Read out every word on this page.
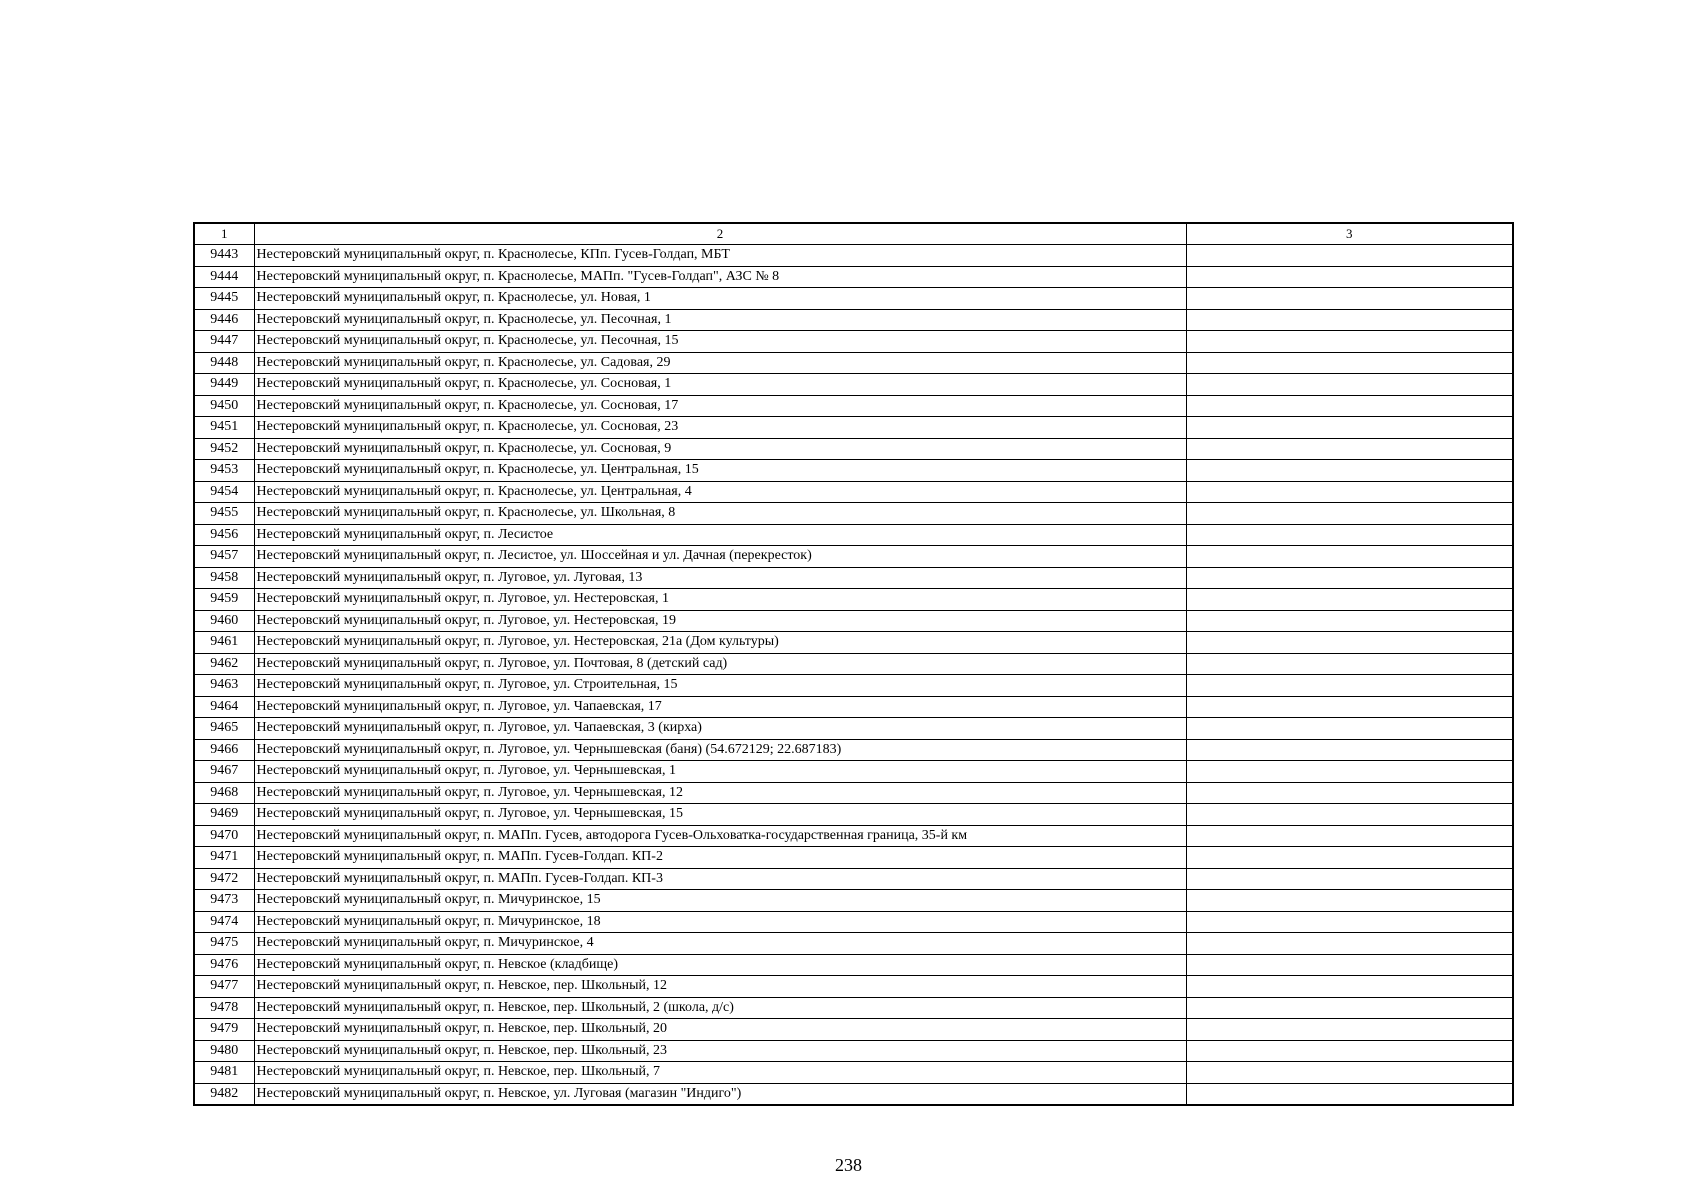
1	2	3
9443	Нестеровский муниципальный округ, п. Краснолесье, КПп. Гусев-Голдап, МБТ	
9444	Нестеровский муниципальный округ, п. Краснолесье, МАПп. "Гусев-Голдап", АЗС № 8	
9445	Нестеровский муниципальный округ, п. Краснолесье, ул. Новая, 1	
9446	Нестеровский муниципальный округ, п. Краснолесье, ул. Песочная, 1	
9447	Нестеровский муниципальный округ, п. Краснолесье, ул. Песочная, 15	
9448	Нестеровский муниципальный округ, п. Краснолесье, ул. Садовая, 29	
9449	Нестеровский муниципальный округ, п. Краснолесье, ул. Сосновая, 1	
9450	Нестеровский муниципальный округ, п. Краснолесье, ул. Сосновая, 17	
9451	Нестеровский муниципальный округ, п. Краснолесье, ул. Сосновая, 23	
9452	Нестеровский муниципальный округ, п. Краснолесье, ул. Сосновая, 9	
9453	Нестеровский муниципальный округ, п. Краснолесье, ул. Центральная, 15	
9454	Нестеровский муниципальный округ, п. Краснолесье, ул. Центральная, 4	
9455	Нестеровский муниципальный округ, п. Краснолесье, ул. Школьная, 8	
9456	Нестеровский муниципальный округ, п. Лесистое	
9457	Нестеровский муниципальный округ, п. Лесистое, ул. Шоссейная и ул. Дачная (перекресток)	
9458	Нестеровский муниципальный округ, п. Луговое, ул. Луговая, 13	
9459	Нестеровский муниципальный округ, п. Луговое, ул. Нестеровская, 1	
9460	Нестеровский муниципальный округ, п. Луговое, ул. Нестеровская, 19	
9461	Нестеровский муниципальный округ, п. Луговое, ул. Нестеровская, 21а (Дом культуры)	
9462	Нестеровский муниципальный округ, п. Луговое, ул. Почтовая, 8 (детский сад)	
9463	Нестеровский муниципальный округ, п. Луговое, ул. Строительная, 15	
9464	Нестеровский муниципальный округ, п. Луговое, ул. Чапаевская, 17	
9465	Нестеровский муниципальный округ, п. Луговое, ул. Чапаевская, 3 (кирха)	
9466	Нестеровский муниципальный округ, п. Луговое, ул. Чернышевская (баня) (54.672129; 22.687183)	
9467	Нестеровский муниципальный округ, п. Луговое, ул. Чернышевская, 1	
9468	Нестеровский муниципальный округ, п. Луговое, ул. Чернышевская, 12	
9469	Нестеровский муниципальный округ, п. Луговое, ул. Чернышевская, 15	
9470	Нестеровский муниципальный округ, п. МАПп. Гусев, автодорога Гусев-Ольховатка-государственная граница, 35-й км	
9471	Нестеровский муниципальный округ, п. МАПп. Гусев-Голдап. КП-2	
9472	Нестеровский муниципальный округ, п. МАПп. Гусев-Голдап. КП-3	
9473	Нестеровский муниципальный округ, п. Мичуринское, 15	
9474	Нестеровский муниципальный округ, п. Мичуринское, 18	
9475	Нестеровский муниципальный округ, п. Мичуринское, 4	
9476	Нестеровский муниципальный округ, п. Невское (кладбище)	
9477	Нестеровский муниципальный округ, п. Невское, пер. Школьный, 12	
9478	Нестеровский муниципальный округ, п. Невское, пер. Школьный, 2 (школа, д/с)	
9479	Нестеровский муниципальный округ, п. Невское, пер. Школьный, 20	
9480	Нестеровский муниципальный округ, п. Невское, пер. Школьный, 23	
9481	Нестеровский муниципальный округ, п. Невское, пер. Школьный, 7	
9482	Нестеровский муниципальный округ, п. Невское, ул. Луговая (магазин "Индиго")	
238
